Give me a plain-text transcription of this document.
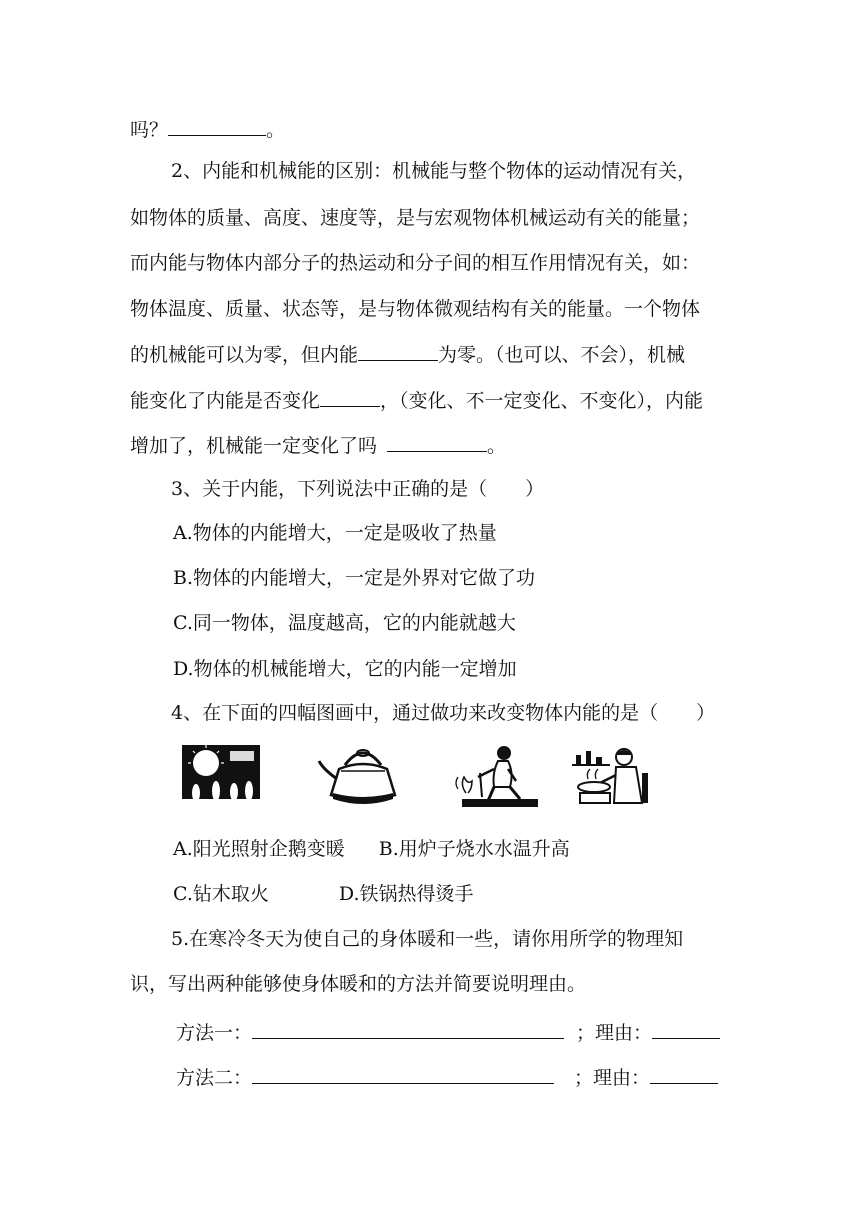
吗？	。
2、内能和机械能的区别：机械能与整个物体的运动情况有关，
如物体的质量、高度、速度等，是与宏观物体机械运动有关的能量；
而内能与物体内部分子的热运动和分子间的相互作用情况有关，如：
物体温度、质量、状态等，是与物体微观结构有关的能量。一个物体
的机械能可以为零，但内能	为零。（也可以、不会），机械
能变化了内能是否变化	，（变化、不一定变化、不变化），内能
增加了，机械能一定变化了吗	。
3、关于内能，下列说法中正确的是（　　）
A.物体的内能增大，一定是吸收了热量
B.物体的内能增大，一定是外界对它做了功
C.同一物体，温度越高，它的内能就越大
D.物体的机械能增大，它的内能一定增加
4、在下面的四幅图画中，通过做功来改变物体内能的是（　　）
A.阳光照射企鹅变暖 B.用炉子烧水水温升高
C.钻木取火	D.铁锅热得烫手
5.在寒冷冬天为使自己的身体暖和一些，请你用所学的物理知
识，写出两种能够使身体暖和的方法并简要说明理由。
方法一：	；理由：
方法二：	；理由：
